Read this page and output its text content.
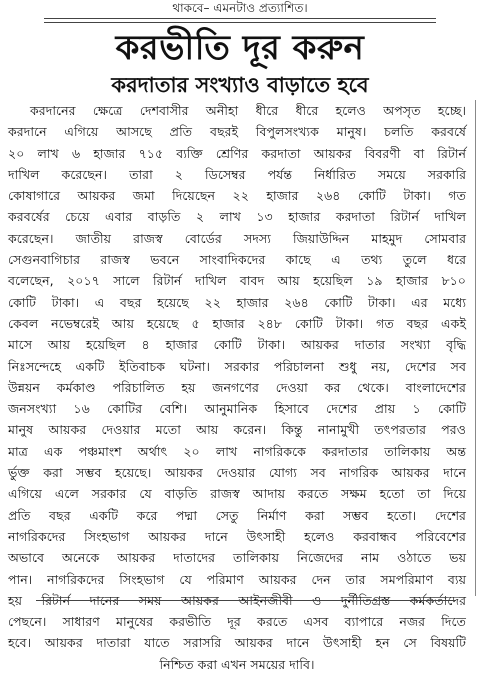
থাকবে– এমনটাও প্রত্যাশিত।
করভীতি দূর করুন
করদাতার সংখ্যাও বাড়াতে হবে
করদানের ক্ষেত্রে দেশবাসীর অনীহা ধীরে ধীরে হলেও অপসৃত হচ্ছে।
করদানে এগিয়ে আসছে প্রতি বছরই বিপুলসংখ্যক মানুষ। চলতি করবর্ষে
২০ লাখ ৬ হাজার ৭১৫ ব্যক্তি শ্রেণির করদাতা আয়কর বিবরণী বা রিটার্ন
দাখিল করেছেন। তারা ২ ডিসেম্বর পর্যন্ত নির্ধারিত সময়ে সরকারি
কোষাগারে আয়কর জমা দিয়েছেন ২২ হাজার ২৬৪ কোটি টাকা। গত
করবর্ষের চেয়ে এবার বাড়তি ২ লাখ ১৩ হাজার করদাতা রিটার্ন দাখিল
করেছেন। জাতীয় রাজস্ব বোর্ডের সদস্য জিয়াউদ্দিন মাহমুদ সোমবার
সেগুনবাগিচার রাজস্ব ভবনে সাংবাদিকদের কাছে এ তথ্য তুলে ধরে
বলেছেন, ২০১৭ সালে রিটার্ন দাখিল বাবদ আয় হয়েছিল ১৯ হাজার ৮১০
কোটি টাকা। এ বছর হয়েছে ২২ হাজার ২৬৪ কোটি টাকা। এর মধ্যে
কেবল নভেম্বরেই আয় হয়েছে ৫ হাজার ২৪৮ কোটি টাকা। গত বছর একই
মাসে আয় হয়েছিল ৪ হাজার কোটি টাকা। আয়কর দাতার সংখ্যা বৃদ্ধি
নিঃসন্দেহে একটি ইতিবাচক ঘটনা। সরকার পরিচালনা শুধু নয়, দেশের সব
উন্নয়ন কর্মকাণ্ড পরিচালিত হয় জনগণের দেওয়া কর থেকে। বাংলাদেশের
জনসংখ্যা ১৬ কোটির বেশি। আনুমানিক হিসাবে দেশের প্রায় ১ কোটি
মানুষ আয়কর দেওয়ার মতো আয় করেন। কিন্তু নানামুখী তৎপরতার পরও
মাত্র এক পঞ্চমাংশ অর্থাৎ ২০ লাখ নাগরিককে করদাতার তালিকায় অন্ত
র্ভুক্ত করা সম্ভব হয়েছে। আয়কর দেওয়ার যোগ্য সব নাগরিক আয়কর দানে
এগিয়ে এলে সরকার যে বাড়তি রাজস্ব আদায় করতে সক্ষম হতো তা দিয়ে
প্রতি বছর একটি করে পদ্মা সেতু নির্মাণ করা সম্ভব হতো। দেশের
নাগরিকদের সিংহভাগ আয়কর দানে উৎসাহী হলেও করবান্ধব পরিবেশের
অভাবে অনেকে আয়কর দাতাদের তালিকায় নিজেদের নাম ওঠাতে ভয়
পান। নাগরিকদের সিংহভাগ যে পরিমাণ আয়কর দেন তার সমপরিমাণ ব্যয়
হয় রিটার্ন দানের সময় আয়কর আইনজীবী ও দুর্নীতিগ্রস্ত কর্মকর্তাদের
পেছনে। সাধারণ মানুষের করভীতি দূর করতে এসব ব্যাপারে নজর দিতে
হবে। আয়কর দাতারা যাতে সরাসরি আয়কর দানে উৎসাহী হন সে বিষয়টি
নিশ্চিত করা এখন সময়ের দাবি।
